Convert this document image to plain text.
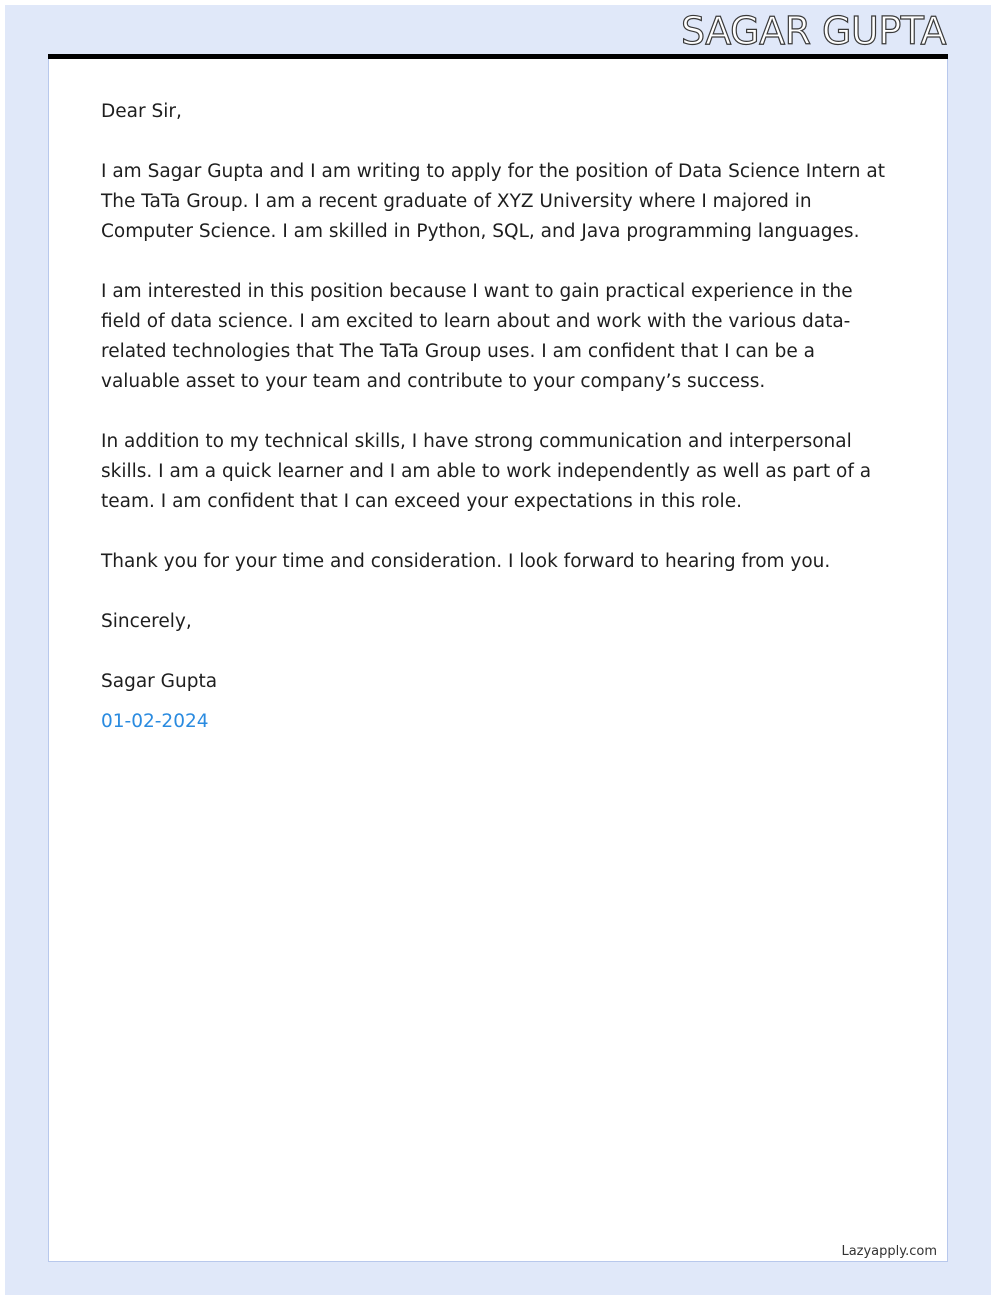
SAGAR GUPTA

Dear Sir,

I am Sagar Gupta and I am writing to apply for the position of Data Science Intern at The TaTa Group. I am a recent graduate of XYZ University where I majored in Computer Science. I am skilled in Python, SQL, and Java programming languages.

I am interested in this position because I want to gain practical experience in the field of data science. I am excited to learn about and work with the various data-related technologies that The TaTa Group uses. I am confident that I can be a valuable asset to your team and contribute to your company’s success.

In addition to my technical skills, I have strong communication and interpersonal skills. I am a quick learner and I am able to work independently as well as part of a team. I am confident that I can exceed your expectations in this role.

Thank you for your time and consideration. I look forward to hearing from you.

Sincerely,

Sagar Gupta

01-02-2024

Lazyapply.com
